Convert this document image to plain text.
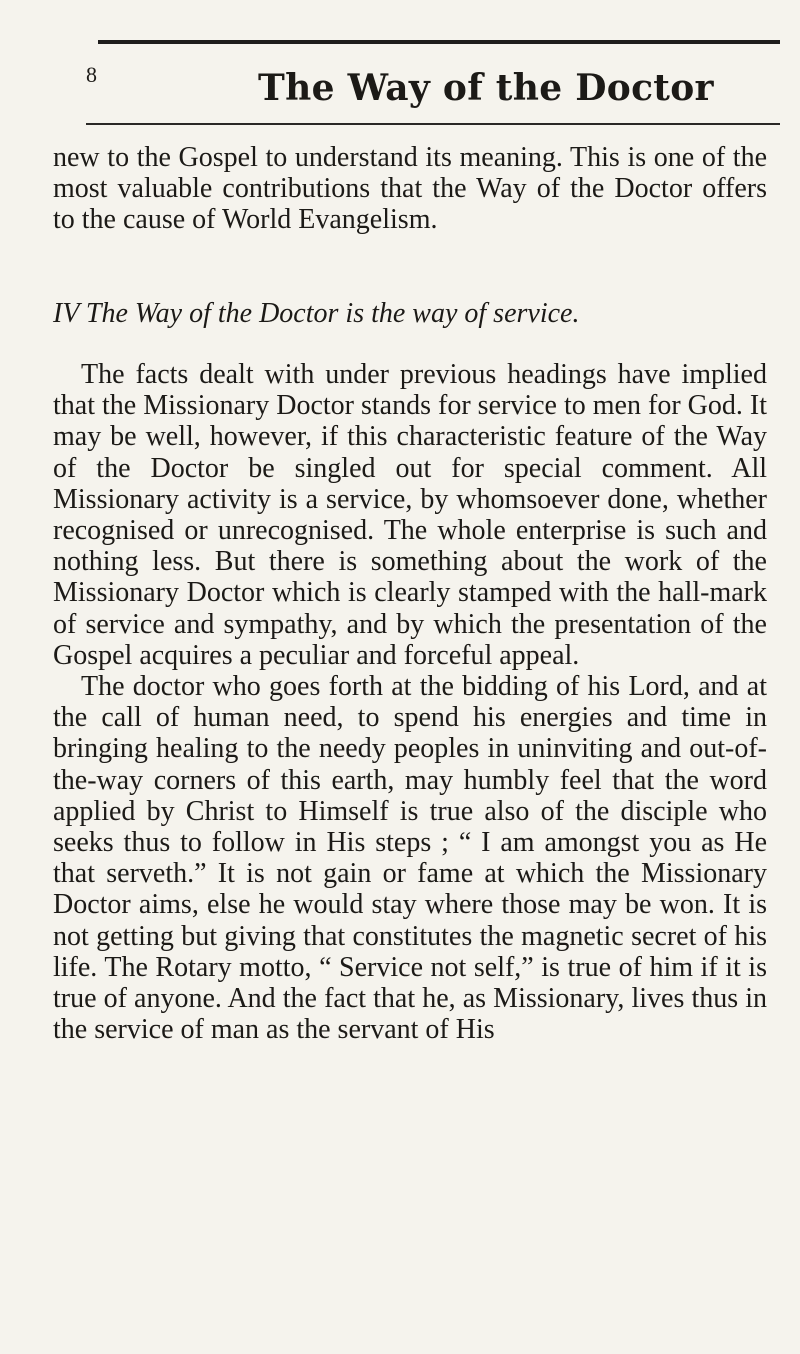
8	The Way of the Doctor

new to the Gospel to understand its meaning. This is one of the most valuable contributions that the Way of the Doctor offers to the cause of World Evangelism.

IV The Way of the Doctor is the way of service.

The facts dealt with under previous headings have implied that the Missionary Doctor stands for service to men for God. It may be well, however, if this characteristic feature of the Way of the Doctor be singled out for special comment. All Missionary activity is a service, by whomsoever done, whether recognised or unrecognised. The whole enterprise is such and nothing less. But there is something about the work of the Missionary Doctor which is clearly stamped with the hall-mark of service and sympathy, and by which the presentation of the Gospel acquires a peculiar and forceful appeal.

The doctor who goes forth at the bidding of his Lord, and at the call of human need, to spend his energies and time in bringing healing to the needy peoples in uninviting and out-of-the-way corners of this earth, may humbly feel that the word applied by Christ to Himself is true also of the disciple who seeks thus to follow in His steps ; “ I am amongst you as He that serveth.” It is not gain or fame at which the Missionary Doctor aims, else he would stay where those may be won. It is not getting but giving that constitutes the magnetic secret of his life. The Rotary motto, “ Service not self,” is true of him if it is true of anyone. And the fact that he, as Missionary, lives thus in the service of man as the servant of His
